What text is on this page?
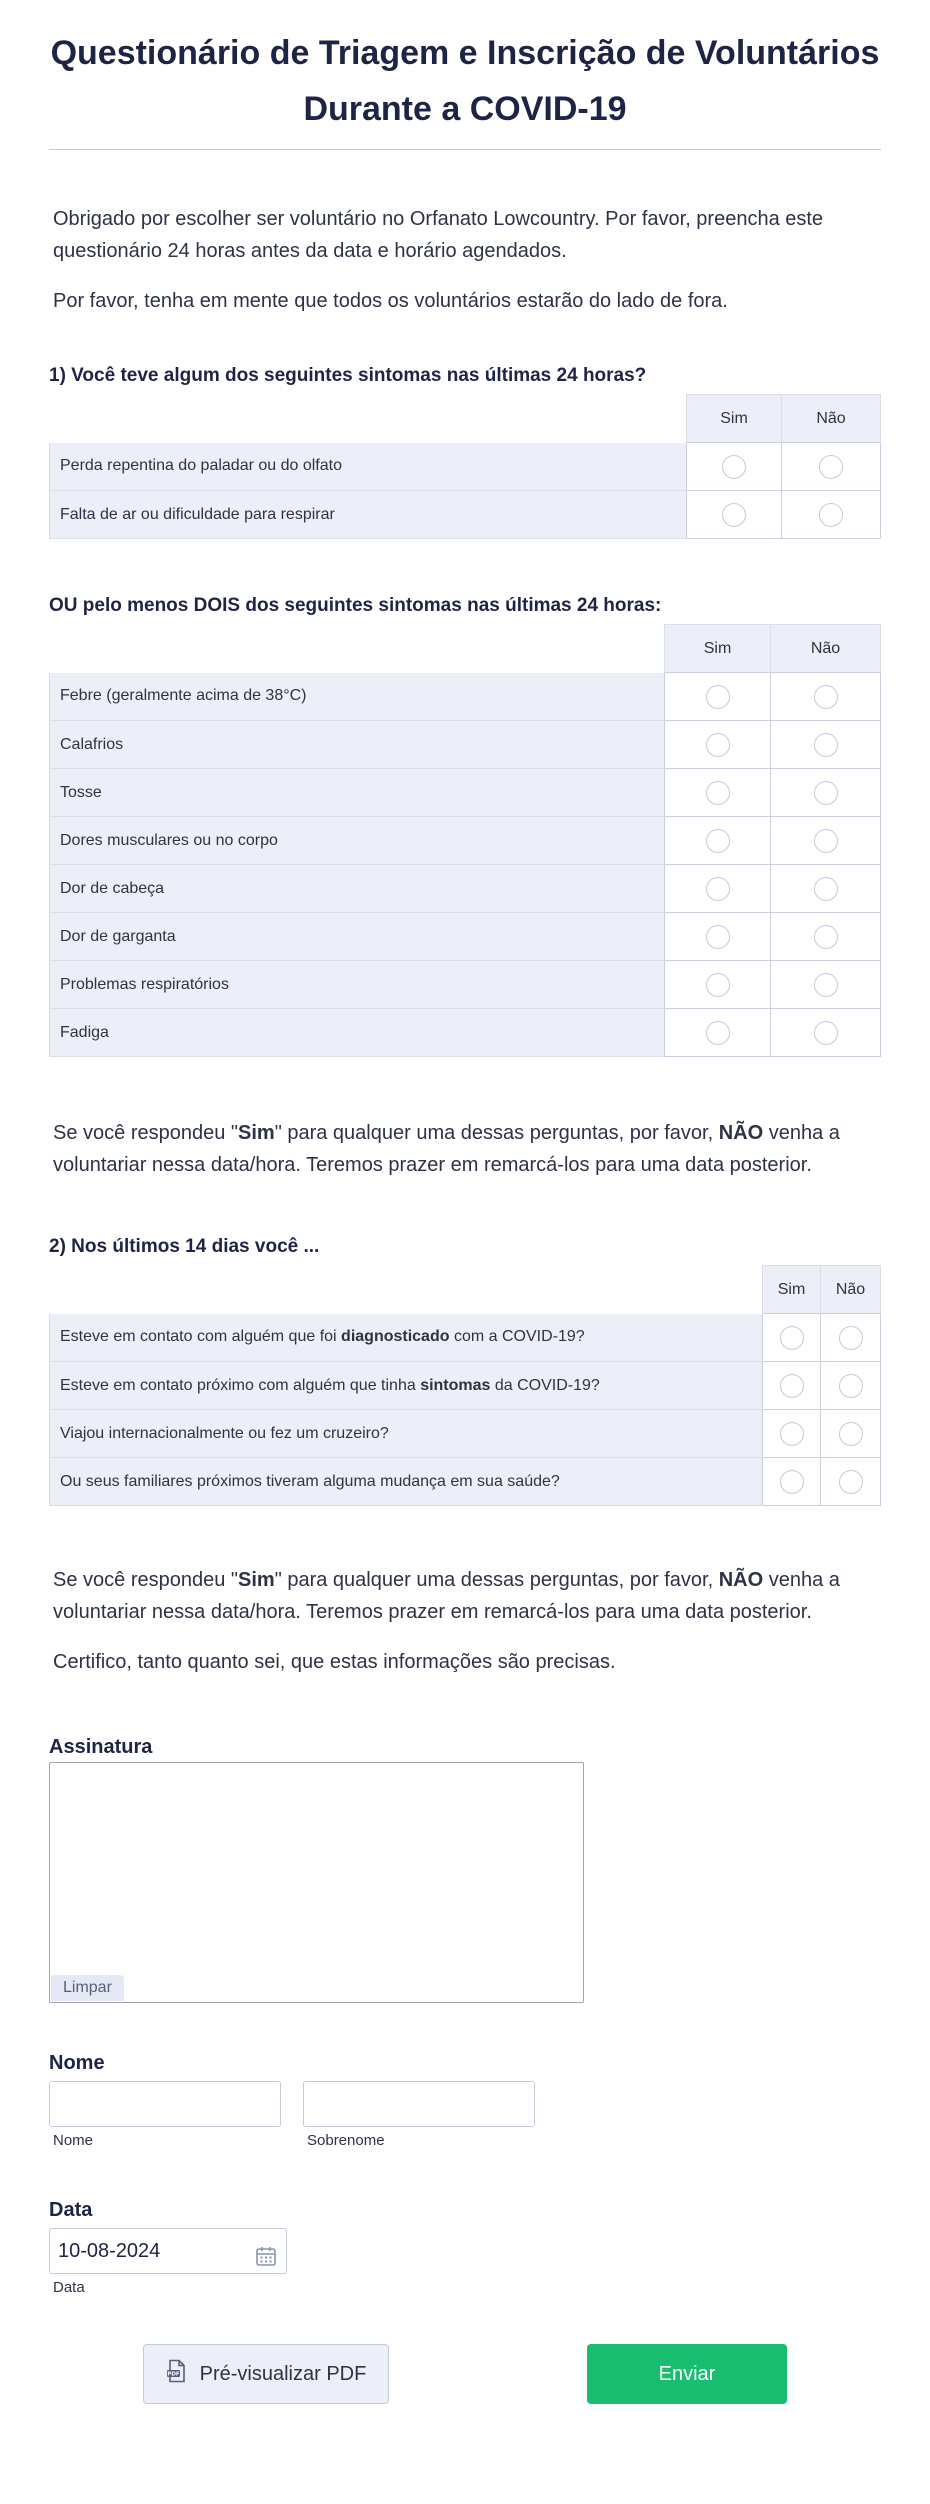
Questionário de Triagem e Inscrição de Voluntários
Durante a COVID-19

Obrigado por escolher ser voluntário no Orfanato Lowcountry. Por favor, preencha este questionário 24 horas antes da data e horário agendados.

Por favor, tenha em mente que todos os voluntários estarão do lado de fora.

1) Você teve algum dos seguintes sintomas nas últimas 24 horas?
	Sim	Não
Perda repentina do paladar ou do olfato		
Falta de ar ou dificuldade para respirar		
OU pelo menos DOIS dos seguintes sintomas nas últimas 24 horas:
	Sim	Não
Febre (geralmente acima de 38°C)		
Calafrios		
Tosse		
Dores musculares ou no corpo		
Dor de cabeça		
Dor de garganta		
Problemas respiratórios		
Fadiga		

Se você respondeu "Sim" para qualquer uma dessas perguntas, por favor, NÃO venha a voluntariar nessa data/hora. Teremos prazer em remarcá-los para uma data posterior.

2) Nos últimos 14 dias você ...
	Sim	Não
Esteve em contato com alguém que foi diagnosticado com a COVID-19?		
Esteve em contato próximo com alguém que tinha sintomas da COVID-19?		
Viajou internacionalmente ou fez um cruzeiro?		
Ou seus familiares próximos tiveram alguma mudança em sua saúde?		

Se você respondeu "Sim" para qualquer uma dessas perguntas, por favor, NÃO venha a voluntariar nessa data/hora. Teremos prazer em remarcá-los para uma data posterior.

Certifico, tanto quanto sei, que estas informações são precisas.

Assinatura
Limpar
Nome
Nome	Sobrenome
Data
10-08-2024
Data
PDF Pré-visualizar PDF	Enviar
